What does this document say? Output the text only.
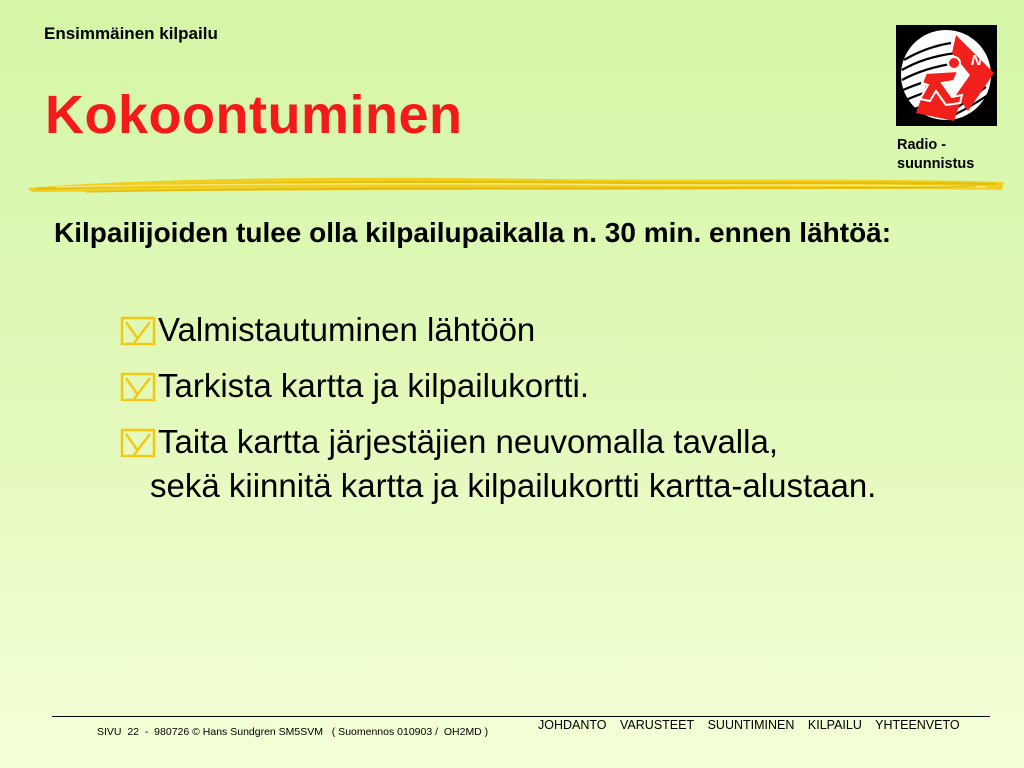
Ensimmäinen kilpailu
Kokoontuminen
N
Radio -
suunnistus
Kilpailijoiden tulee olla kilpailupaikalla n. 30 min. ennen lähtöä:
Valmistautuminen lähtöön
Tarkista kartta ja kilpailukortti.
Taita kartta järjestäjien neuvomalla tavalla,
sekä kiinnitä kartta ja kilpailukortti kartta-alustaan.
SIVU  22  -  980726 © Hans Sundgren SM5SVM   ( Suomennos 010903 /  OH2MD )	JOHDANTO VARUSTEET SUUNTIMINEN KILPAILU YHTEENVETO
